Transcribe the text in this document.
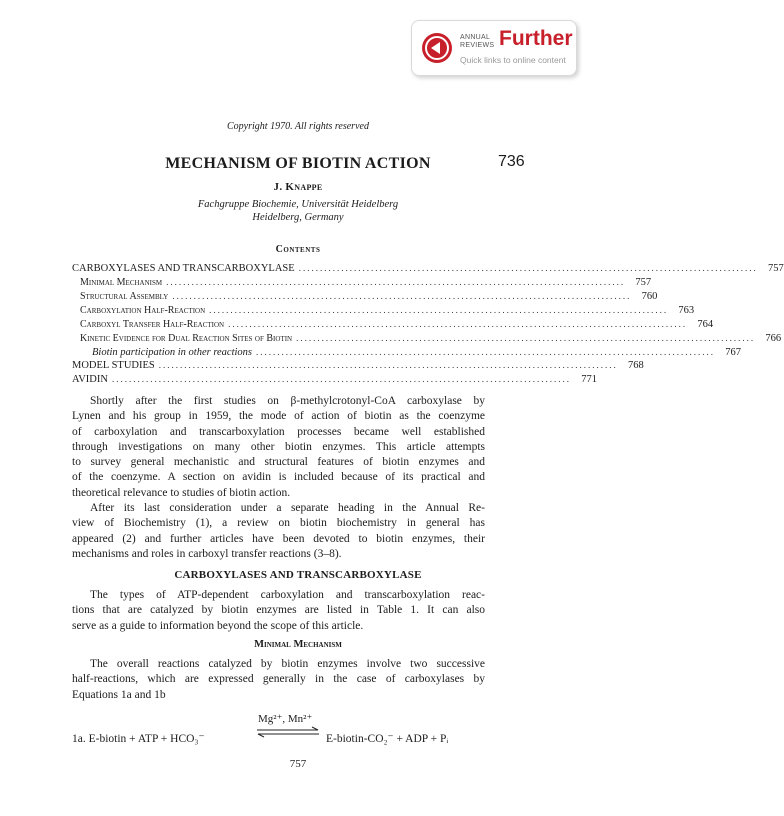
ANNUAL
REVIEWS Further
Quick links to online content
Copyright 1970. All rights reserved
MECHANISM OF BIOTIN ACTION	736
J. Knappe
Fachgruppe Biochemie, Universität Heidelberg
Heidelberg, Germany
Contents
CARBOXYLASES AND TRANSCARBOXYLASE ............................................................................................................ 757
Minimal Mechanism ............................................................................................................ 757
Structural Assembly ............................................................................................................ 760
Carboxylation Half-Reaction ............................................................................................................ 763
Carboxyl Transfer Half-Reaction ............................................................................................................ 764
Kinetic Evidence for Dual Reaction Sites of Biotin ............................................................................................................ 766
Biotin participation in other reactions ............................................................................................................ 767
MODEL STUDIES ............................................................................................................ 768
AVIDIN ............................................................................................................ 771
Shortly after the first studies on β-methylcrotonyl-CoA carboxylase by
Lynen and his group in 1959, the mode of action of biotin as the coenzyme
of carboxylation and transcarboxylation processes became well established
through investigations on many other biotin enzymes. This article attempts
to survey general mechanistic and structural features of biotin enzymes and
of the coenzyme. A section on avidin is included because of its practical and
theoretical relevance to studies of biotin action.
After its last consideration under a separate heading in the Annual Re-
view of Biochemistry (1), a review on biotin biochemistry in general has
appeared (2) and further articles have been devoted to biotin enzymes, their
mechanisms and roles in carboxyl transfer reactions (3–8).
CARBOXYLASES AND TRANSCARBOXYLASE
The types of ATP-dependent carboxylation and transcarboxylation reac-
tions that are catalyzed by biotin enzymes are listed in Table 1. It can also
serve as a guide to information beyond the scope of this article.
Minimal Mechanism
The overall reactions catalyzed by biotin enzymes involve two successive
half-reactions, which are expressed generally in the case of carboxylases by
Equations 1a and 1b
Mg²⁺, Mn²⁺
1a. E-biotin + ATP + HCO₃⁻	E-biotin-CO₂⁻ + ADP + Pᵢ
757
